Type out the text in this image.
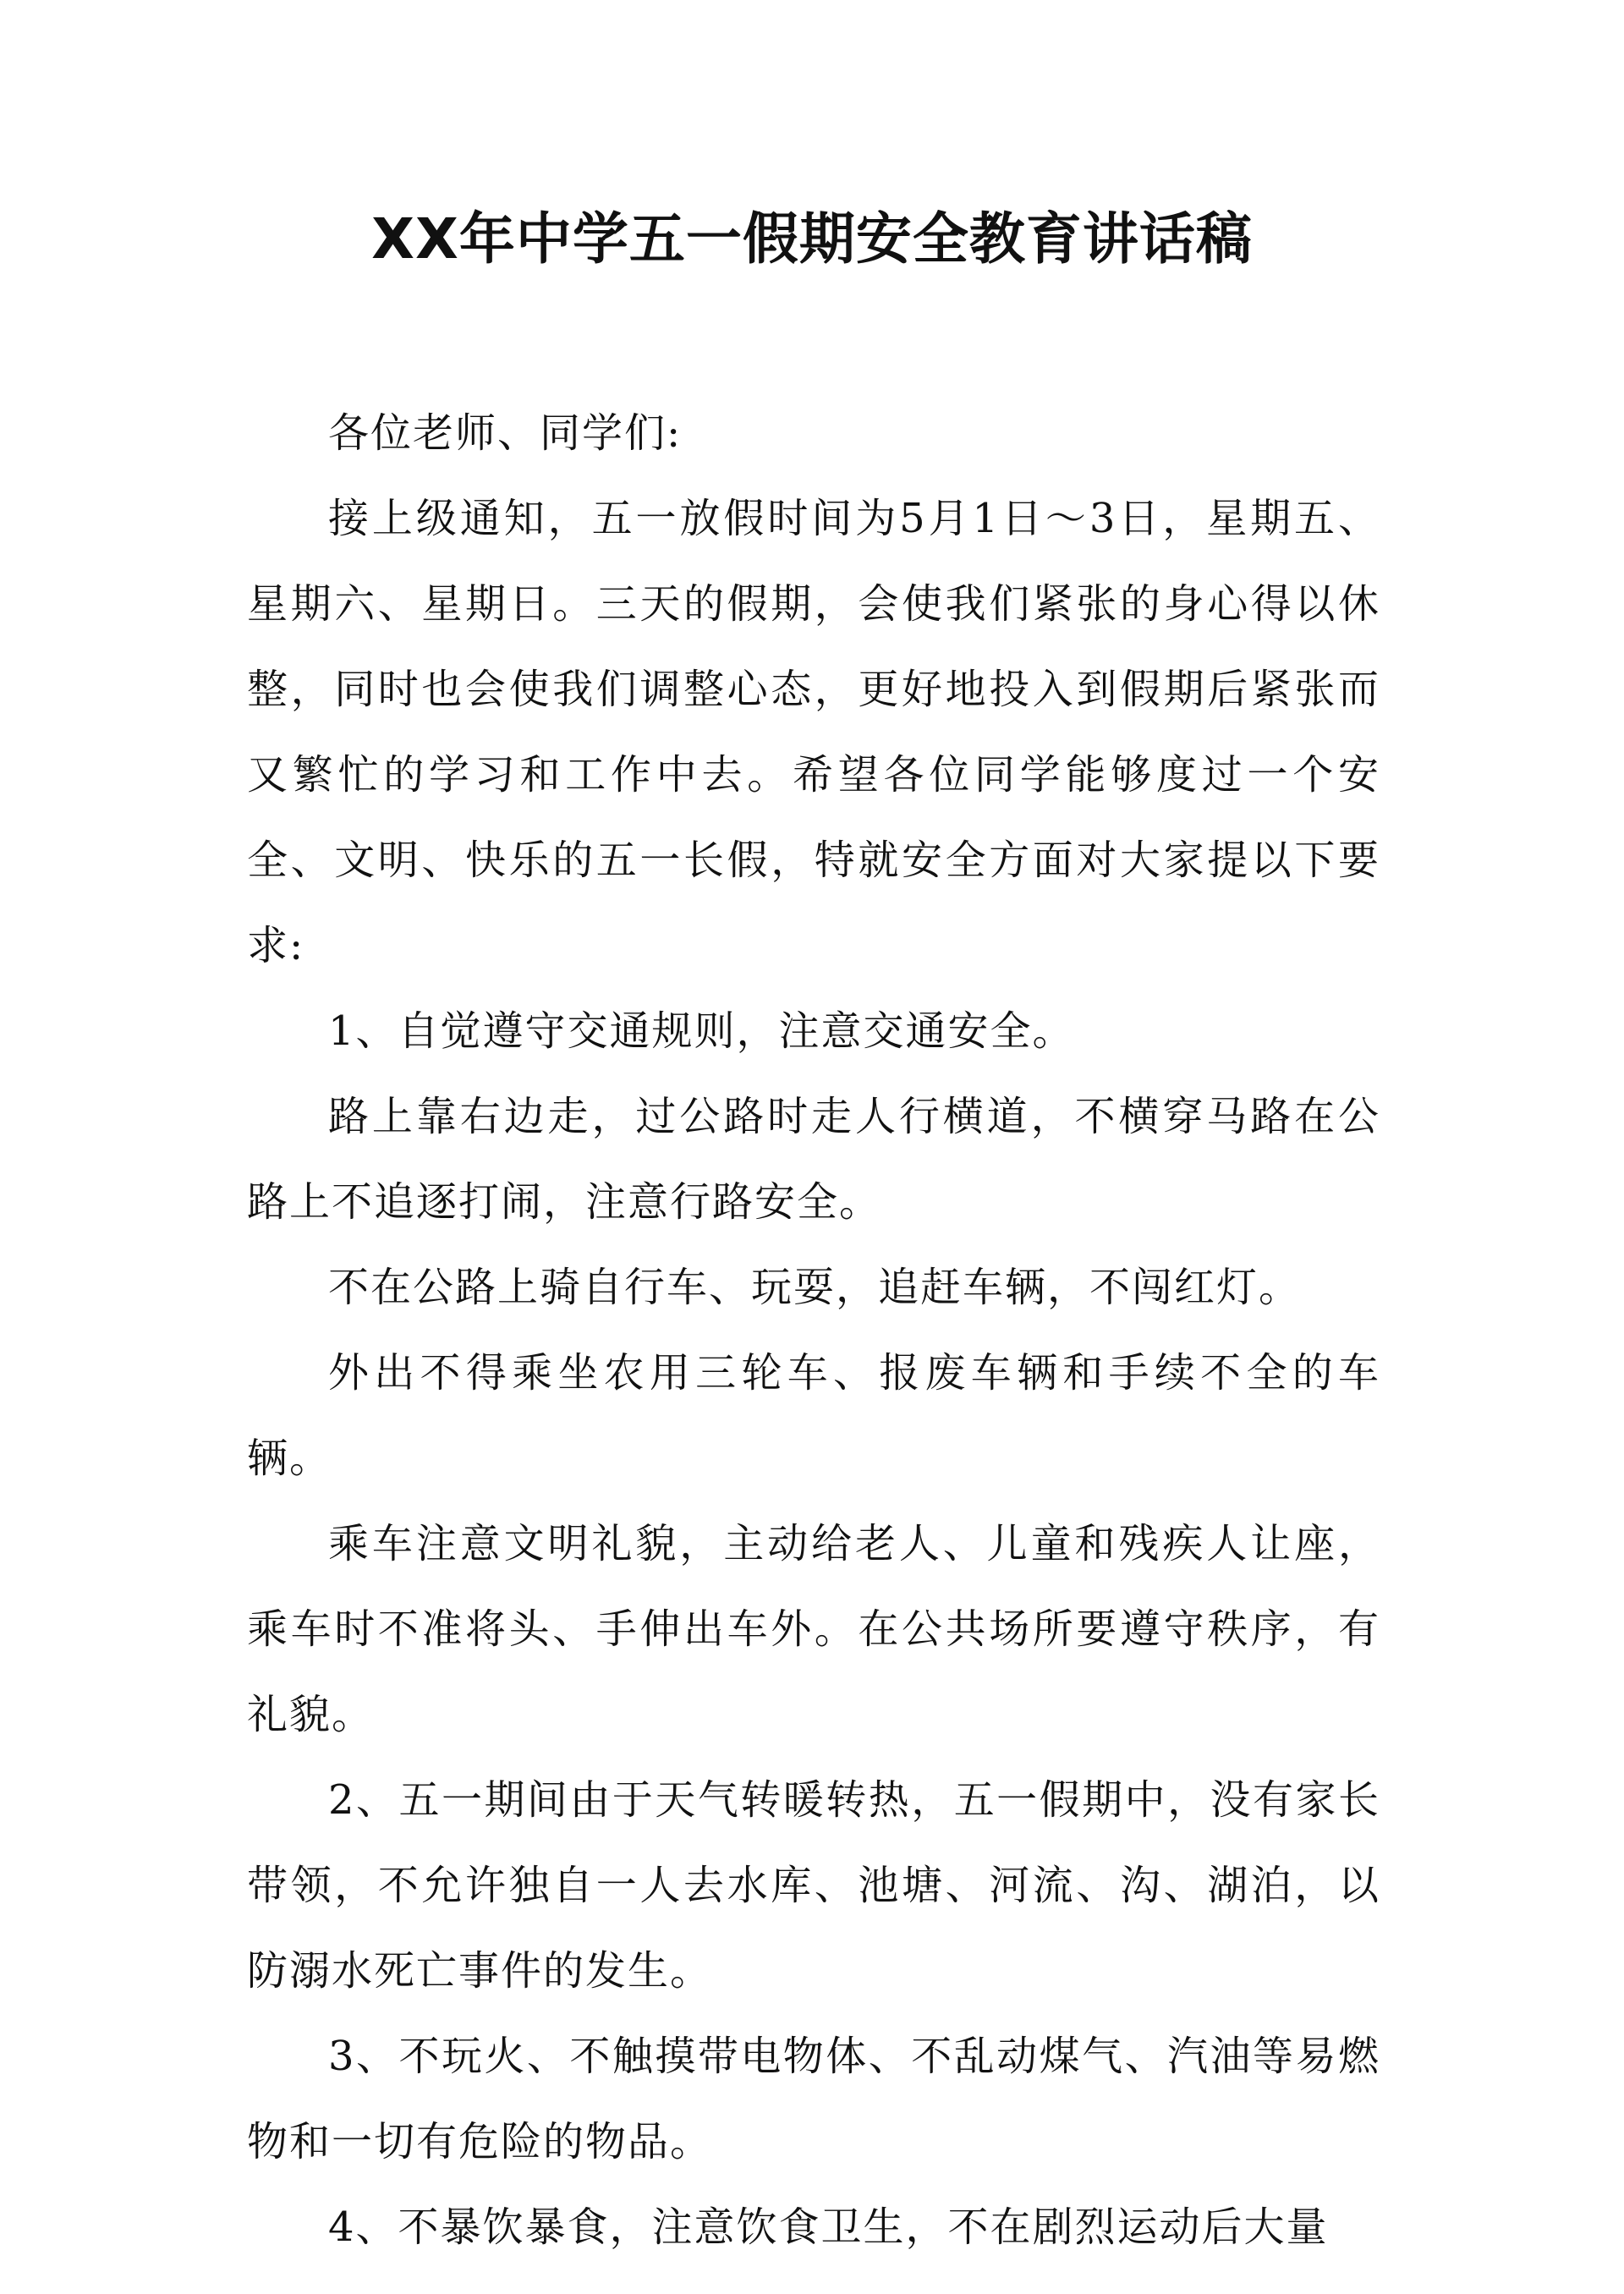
XX年中学五一假期安全教育讲话稿

各位老师、同学们:

接上级通知，五一放假时间为5月1日～3日，星期五、星期六、星期日。三天的假期，会使我们紧张的身心得以休整，同时也会使我们调整心态，更好地投入到假期后紧张而又繁忙的学习和工作中去。希望各位同学能够度过一个安全、文明、快乐的五一长假，特就安全方面对大家提以下要求:

1、自觉遵守交通规则，注意交通安全。

路上靠右边走，过公路时走人行横道，不横穿马路在公路上不追逐打闹，注意行路安全。

不在公路上骑自行车、玩耍，追赶车辆，不闯红灯。

外出不得乘坐农用三轮车、报废车辆和手续不全的车辆。

乘车注意文明礼貌，主动给老人、儿童和残疾人让座，乘车时不准将头、手伸出车外。在公共场所要遵守秩序，有礼貌。

2、五一期间由于天气转暖转热，五一假期中，没有家长带领，不允许独自一人去水库、池塘、河流、沟、湖泊，以防溺水死亡事件的发生。

3、不玩火、不触摸带电物体、不乱动煤气、汽油等易燃物和一切有危险的物品。

4、不暴饮暴食，注意饮食卫生，不在剧烈运动后大量
